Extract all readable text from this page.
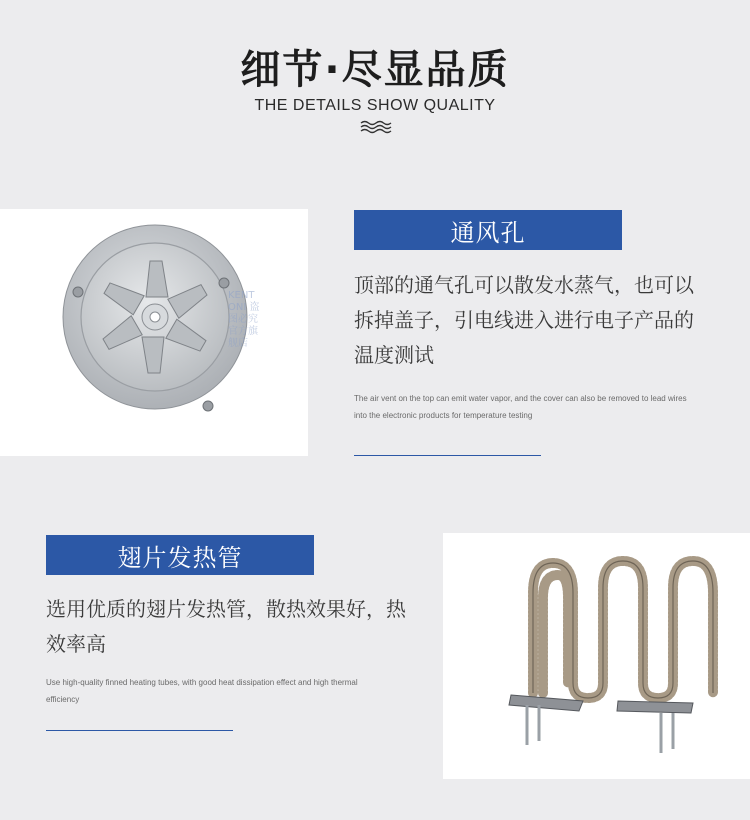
细节·尽显品质
THE DETAILS SHOW QUALITY
KENTONI 盗图必究 官方旗舰店
通风孔
顶部的通气孔可以散发水蒸气，也可以拆掉盖子，引电线进入进行电子产品的温度测试
The air vent on the top can emit water vapor, and the cover can also be removed to lead wires into the electronic products for temperature testing
翅片发热管
选用优质的翅片发热管，散热效果好，热效率高
Use high-quality finned heating tubes, with good heat dissipation effect and high thermal efficiency
